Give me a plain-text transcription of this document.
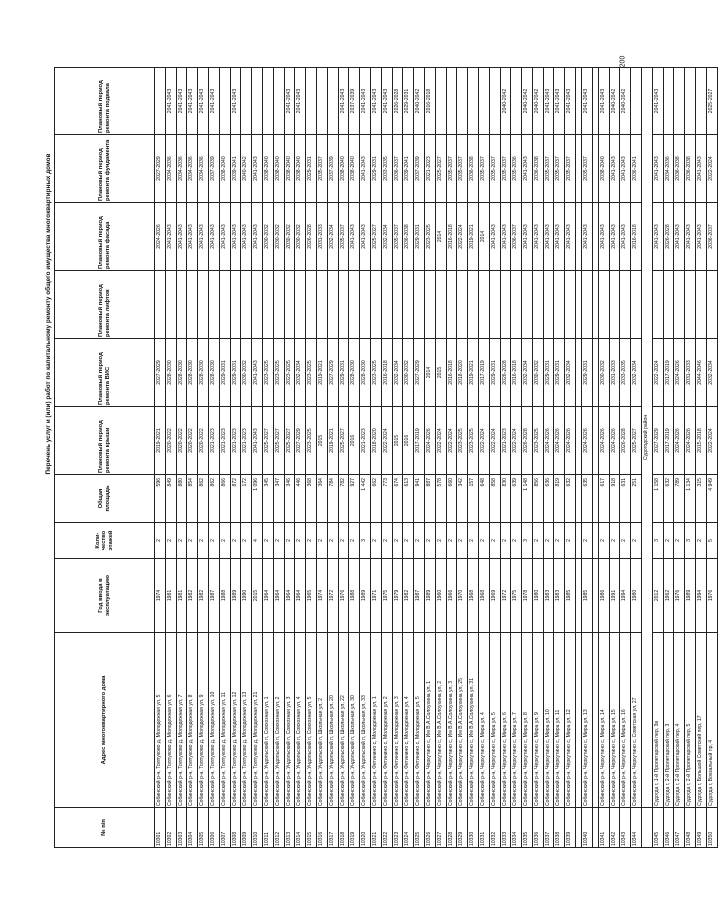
200
Перечень услуг и (или) работ по капитальному ремонту общего имущества многоквартирных домов
№ п/п	Адрес многоквартирного дома	Год ввода в эксплуатацию	Коли-чество этажей	Общая площадь	Плановый период ремонта крыши	Плановый период ремонта ВИС	Плановый период ремонта лифтов	Плановый период ремонта фасада	Плановый период ремонта фундамента	Плановый период ремонта подвала
10301	Собинский р-н, Толпуково д, Молодежная ул, 5	1974	2	596	2019-2021	2027-2029		2024-2026	2027-2029	
10302	Собинский р-н, Толпуково д, Молодежная ул, 6	1981	2	849	2020-2022	2028-2030		2041-2043	2034-2036	2041-2043
10303	Собинский р-н, Толпуково д, Молодежная ул, 7	1981	2	880	2020-2022	2028-2030		2041-2043	2034-2036	2041-2043
10304	Собинский р-н, Толпуково д, Молодежная ул, 8	1982	2	854	2020-2022	2028-2030		2041-2043	2034-2036	2041-2043
10305	Собинский р-н, Толпуково д, Молодежная ул, 9	1982	2	862	2020-2022	2028-2030		2041-2043	2034-2036	2041-2043
10306	Собинский р-н, Толпуково д, Молодежная ул, 10	1987	2	862	2021-2023	2028-2030		2041-2043	2037-2039	2041-2043
10307	Собинский р-н, Толпуково д, Молодежная ул, 11	1988	2	866	2021-2023	2029-2031		2041-2043	2038-2040	
10308	Собинский р-н, Толпуково д, Молодежная ул, 12	1989	2	872	2021-2023	2029-2031		2041-2043	2039-2041	2041-2043
10309	Собинский р-н, Толпуково д, Молодежная ул, 13	1990	2	172	2021-2023	2030-2032		2041-2043	2040-2042	
10310	Собинский р-н, Толпуково д, Молодежная ул, 21	2015	4	1 096	2041-2043	2041-2043		2041-2043	2041-2043	
10311	Собинский р-н, Ундольский п, Совхозная ул, 1	1964	2	345	2025-2027	2023-2025		2030-2032	2038-2040	
10312	Собинский р-н, Ундольский п, Совхозная ул, 2	1964	2	347	2025-2027	2023-2025		2030-2032	2038-2040	
10313	Собинский р-н, Ундольский п, Совхозная ул, 3	1964	2	346	2025-2027	2023-2025		2030-2032	2038-2040	2041-2043
10314	Собинский р-н, Ундольский п, Совхозная ул, 4	1964	2	446	2027-2029	2032-2034		2030-2032	2038-2040	2041-2043
10315	Собинский р-н, Ундольский п, Совхозная ул, 5	1965	2	368	2023-2025	2023-2025		2026-2028	2029-2031	
10316	Собинский р-н, Ундольский п, Школьная ул, 2	1974	2	364	2015	2019-2021		2031-2033	2035-2037	
10317	Собинский р-н, Ундольский п, Школьная ул, 20	1972	2	784	2019-2021	2027-2029		2032-2034	2037-2039	
10318	Собинский р-н, Ундольский п, Школьная ул, 22	1976	2	782	2025-2027	2029-2031		2035-2037	2038-2040	2041-2043
10319	Собинский р-н, Ундольский п, Школьная ул, 30	1988	2	927	2016	2028-2030		2041-2043	2038-2040	2037-2039
10320	Собинский р-н, Ундольский п, Школьная ул, 33	1989	3	1 442	2021-2023	2028-2030		2041-2043	2041-2043	2041-2043
10321	Собинский р-н, Фетинино с, Молодежная ул, 1	1971	2	662	2018-2020	2023-2025		2025-2027	2029-2031	2041-2043
10322	Собинский р-н, Фетинино с, Молодежная ул, 2	1975	2	773	2022-2024	2016-2018		2032-2034	2033-2035	2041-2043
10323	Собинский р-н, Фетинино с, Молодежная ул, 3	1979	2	674	2015	2032-2034		2035-2037	2036-2037	2026-2028
10324	Собинский р-н, Фетинино с, Молодежная ул, 4	1982	2	613	2016	2030-2032		2036-2038	2039-2041	2029-2031
10325	Собинский р-н, Фетинино с, Молодежная ул, 5	1987	2	941	2017-2019	2027-2029		2029-2031	2037-2039	2040-2042
10326	Собинский р-н, Черкутино с, Им В.А.Солоухина ул, 1	1989	2	887	2024-2026	2014		2023-2025	2021-2023	2016-2018
10327	Собинский р-н, Черкутино с, Им В.А.Солоухина ул, 2	1960	2	578	2022-2024	2015		2014	2025-2027	
10328	Собинский р-н, Черкутино с, Им В.А.Солоухина ул, 3	1966	2	660	2022-2024	2016-2018		2016-2018	2035-2037	
10329	Собинский р-н, Черкутино с, Им В.А.Солоухина ул, 25	1970	2	342	2023-2025	2018-2020		2022-2024	2035-2037	
10330	Собинский р-н, Черкутино с, Им В.А.Солоухина ул, 31	1968	2	157	2023-2025	2019-2021		2019-2021	2036-2038	
10331	Собинский р-н, Черкутино с, Мира ул, 4	1968	2	648	2022-2024	2017-2019		2014	2035-2037	
10332	Собинский р-н, Черкутино с, Мира ул, 5	1969	2	858	2022-2024	2029-2031		2041-2043	2035-2037	
10333	Собинский р-н, Черкутино с, Мира ул, 6	1972	2	830	2021-2023	2026-2028		2041-2043	2035-2037	2040-2042
10334	Собинский р-н, Черкутино с, Мира ул, 7	1975	2	639	2022-2024	2016-2018		2036-2037	2035-2036	
10335	Собинский р-н, Черкутино с, Мира ул, 8	1978	3	1 148	2026-2028	2032-2034		2041-2043	2041-2043	2040-2042
10336	Собинский р-н, Черкутино с, Мира ул, 9	1980	2	856	2023-2025	2030-2032		2041-2043	2036-2038	2040-2042
10337	Собинский р-н, Черкутино с, Мира ул, 10	1983	2	636	2024-2026	2029-2031		2041-2043	2035-2037	2041-2043
10338	Собинский р-н, Черкутино с, Мира ул, 11	1983	2	819	2024-2026	2029-2031		2041-2043	2035-2037	2041-2043
10339	Собинский р-н, Черкутино с, Мира ул, 12	1985	2	632	2024-2026	2032-2034		2041-2043	2035-2037	2041-2043

10340	Собинский р-н, Черкутино с, Мира ул, 13	1985	2	635	2024-2026	2029-2031		2041-2043	2035-2037	2041-2043

10341	Собинский р-н, Черкутино с, Мира ул, 14	1986	2	617	2024-2026	2030-2032		2041-2043	2038-2040	2041-2043
10342	Собинский р-н, Черкутино с, Мира ул, 15	1991	2	918	2024-2026	2031-2033		2041-2043	2041-2043	2040-2042
10343	Собинский р-н, Черкутино с, Мира ул, 16	1994	2	631	2026-2028	2033-2035		2041-2043	2041-2043	2040-2042
10344	Собинский р-н, Черкутино с, Советская ул, 27	1980	2	251	2025-2027	2032-2034		2016-2018	2036-2041	
	Судогодский район									
10345	Судогда г, 1-й Пролетарский пер, 3в	2012	3	1 158	2027-2029	2022-2024		2041-2043	2041-2043	2041-2043
10346	Судогда г, 2-й Пролетарский пер, 3	1962	2	632	2017-2019	2017-2019		2026-2028	2034-2036	
10347	Судогда г, 2-й Пролетарский пер, 4	1976	2	789	2024-2026	2024-2026		2041-2043	2036-2038	
10348	Судогда г, 2-й Пролетарский пер, 5	1989	3	1 134	2024-2026	2031-2033		2041-2043	2036-2038	
10349	Судогда г, Большой Советский пер, 17	1994	2	315	2015-2018	2044-2046		2041-2043	2041-2043	
10350	Судогда г, Вокзальный пр, 4	1976	5	4 949	2022-2024	2032-2034		2036-2037	2022-2024	2025-2027
